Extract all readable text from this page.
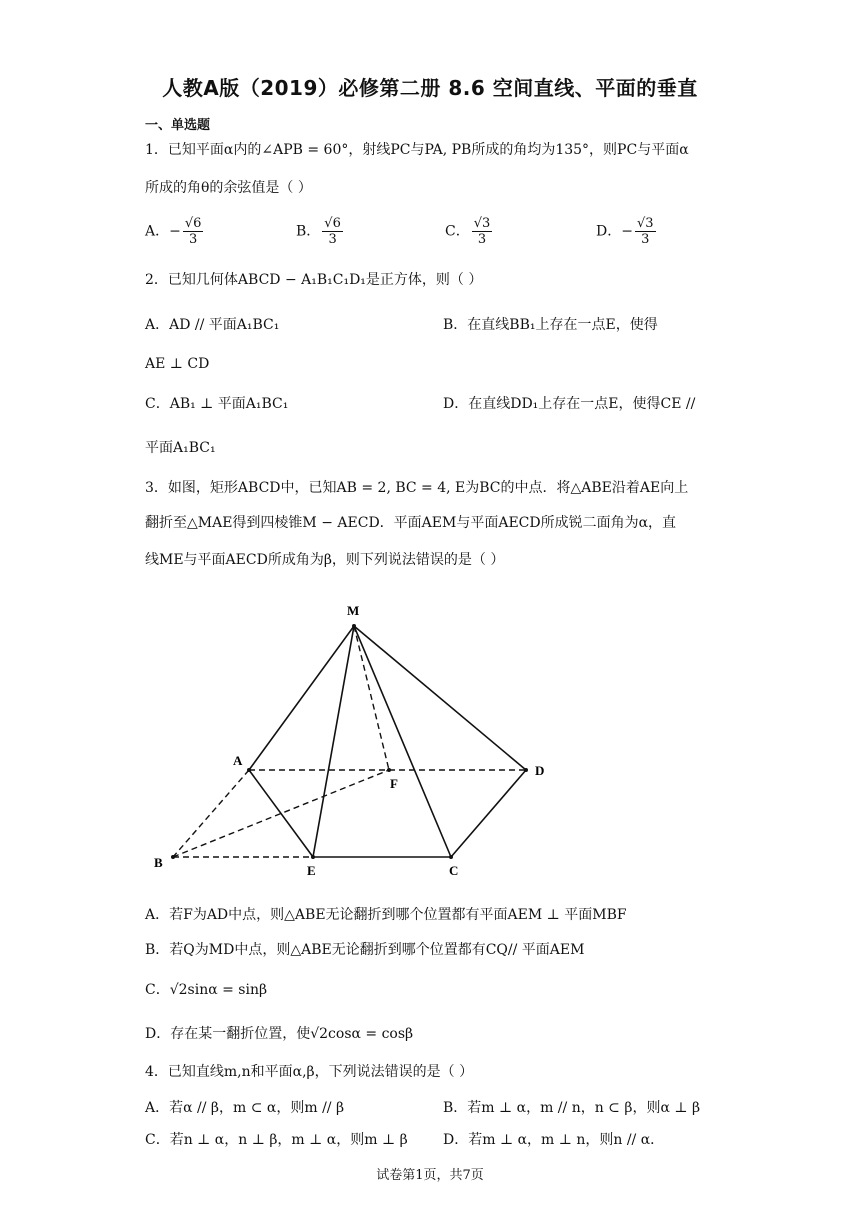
人教A版（2019）必修第二册 8.6 空间直线、平面的垂直
一、单选题
1．已知平面α内的∠APB = 60°，射线PC与PA, PB所成的角均为135°，则PC与平面α
所成的角θ的余弦值是（ ）
A．− $\frac{√6}{3}$	B． $\frac{√6}{3}$	C． $\frac{√3}{3}$	D．− $\frac{√3}{3}$
2．已知几何体ABCD − A₁B₁C₁D₁是正方体，则（ ）
A．AD // 平面A₁BC₁	B．在直线BB₁上存在一点E，使得
AE ⊥ CD
C．AB₁ ⊥ 平面A₁BC₁	D．在直线DD₁上存在一点E，使得CE //
平面A₁BC₁
3．如图，矩形ABCD中，已知AB = 2, BC = 4, E为BC的中点．将△ABE沿着AE向上
翻折至△MAE得到四棱锥M − AECD．平面AEM与平面AECD所成锐二面角为α，直
线ME与平面AECD所成角为β，则下列说法错误的是（ ）
M
A
D
F
B
E	C
A．若F为AD中点，则△ABE无论翻折到哪个位置都有平面AEM ⊥ 平面MBF
B．若Q为MD中点，则△ABE无论翻折到哪个位置都有CQ// 平面AEM
C．√2sinα = sinβ
D．存在某一翻折位置，使√2cosα = cosβ
4．已知直线m,n和平面α,β，下列说法错误的是（ ）
A．若α // β，m ⊂ α，则m // β	B．若m ⊥ α，m // n，n ⊂ β，则α ⊥ β
C．若n ⊥ α，n ⊥ β，m ⊥ α，则m ⊥ β	D．若m ⊥ α，m ⊥ n，则n // α．
试卷第1页，共7页
